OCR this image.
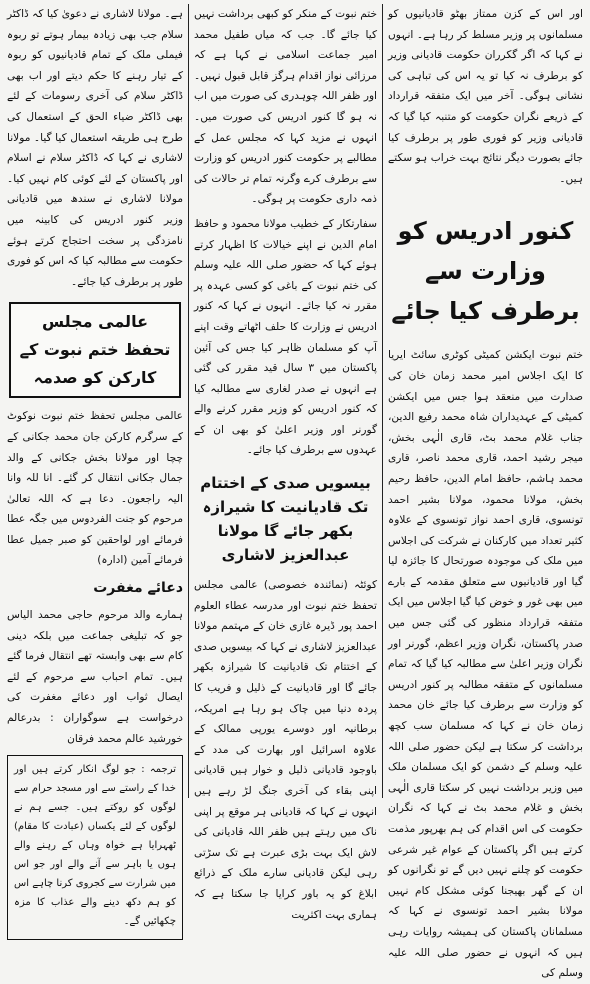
اور اس کے کزن ممتاز بھٹو قادیانیوں کو مسلمانوں پر وزیر مسلط کر رہا ہے۔ انہوں نے کہا کہ اگر گکرران حکومت قادیانی وزیر کو برطرف نہ کیا تو یہ اس کی تباہی کی نشانی ہوگی۔ آخر میں ایک متفقہ قرارداد کے ذریعے نگران حکومت کو متنبہ کیا گیا کہ قادیانی وزیر کو فوری طور پر برطرف کیا جائے بصورت دیگر نتائج بہت خراب ہو سکتے ہیں۔

کنور ادریس کو وزارت سے برطرف کیا جائے

ختم نبوت ایکشن کمیٹی کوٹری سائٹ ایریا کا ایک اجلاس امیر محمد زمان خان کی صدارت میں منعقد ہوا جس میں ایکشن کمیٹی کے عہدیداران شاہ محمد رفیع الدین، جناب غلام محمد بٹ، قاری الٰہی بخش، میجر رشید احمد، قاری محمد ناصر، قاری محمد ہاشم، حافظ امام الدین، حافظ رحیم بخش، مولانا محمود، مولانا بشیر احمد تونسوی، قاری احمد نواز تونسوی کے علاوہ کثیر تعداد میں کارکنان نے شرکت کی اجلاس میں ملک کی موجودہ صورتحال کا جائزہ لیا گیا اور قادیانیوں سے متعلق مقدمہ کے بارے میں بھی غور و خوض کیا گیا اجلاس میں ایک متفقہ قرارداد منظور کی گئی جس میں صدر پاکستان، نگران وزیر اعظم، گورنر اور نگران وزیر اعلیٰ سے مطالبہ کیا گیا کہ تمام مسلمانوں کے متفقہ مطالبہ پر کنور ادریس کو وزارت سے برطرف کیا جائے خان محمد زمان خان نے کہا کہ مسلمان سب کچھ برداشت کر سکتا ہے لیکن حضور صلی اللہ علیہ وسلم کے دشمن کو ایک مسلمان ملک میں وزیر برداشت نہیں کر سکتا قاری الٰہی بخش و غلام محمد بٹ نے کہا کہ نگران حکومت کی اس اقدام کی ہم بھرپور مذمت کرتے ہیں اگر پاکستان کے عوام غیر شرعی حکومت کو چلنے نہیں دیں گے تو نگرانوں کو ان کے گھر بھیجنا کوئی مشکل کام نہیں مولانا بشیر احمد تونسوی نے کہا کہ مسلمانان پاکستان کی ہمیشہ روایات رہی ہیں کہ انہوں نے حضور صلی اللہ علیہ وسلم کی

ختم نبوت کے منکر کو کبھی برداشت نہیں کیا جائے گا۔ جب کہ میاں طفیل محمد امیر جماعت اسلامی نے کہا ہے کہ مرزائی نواز اقدام ہرگز قابل قبول نہیں۔ اور ظفر اللہ چوہدری کی صورت میں اب نہ ہو گا کنور ادریس کی صورت میں۔ انہوں نے مزید کہا کہ مجلس عمل کے مطالبے پر حکومت کنور ادریس کو وزارت سے برطرف کرے وگرنہ تمام تر حالات کی ذمہ داری حکومت پر ہوگی۔

سفارتکار کے خطیب مولانا محمود و حافظ امام الدین نے اپنے خیالات کا اظہار کرتے ہوئے کہا کہ حضور صلی اللہ علیہ وسلم کی ختم نبوت کے باغی کو کسی عہدہ پر مقرر نہ کیا جائے۔ انہوں نے کہا کہ کنور ادریس نے وزارت کا حلف اٹھاتے وقت اپنے آپ کو مسلمان ظاہر کیا جس کی آئین پاکستان میں ۳ سال قید مقرر کی گئی ہے انہوں نے صدر لغاری سے مطالبہ کیا کہ کنور ادریس کو وزیر مقرر کرنے والے گورنر اور وزیر اعلیٰ کو بھی ان کے عہدوں سے برطرف کیا جائے۔

بیسویں صدی کے اختتام تک قادیانیت کا شیرازہ بکھر جائے گا مولانا عبدالعزیز لاشاری

کوئٹہ (نمائندہ خصوصی) عالمی مجلس تحفظ ختم نبوت اور مدرسہ عطاء العلوم احمد پور ڈیرہ غازی خان کے مہتمم مولانا عبدالعزیز لاشاری نے کہا کہ بیسویں صدی کے اختتام تک قادیانیت کا شیرازہ بکھر جائے گا اور قادیانیت کے ذلیل و فریب کا پردہ دنیا میں چاک ہو رہا ہے امریکہ، برطانیہ اور دوسرے یورپی ممالک کے علاوہ اسرائیل اور بھارت کی مدد کے باوجود قادیانی ذلیل و خوار ہیں قادیانی اپنی بقاء کی آخری جنگ لڑ رہے ہیں انہوں نے کہا کہ قادیانی ہر موقع پر اپنی ناک میں رہتے ہیں ظفر اللہ قادیانی کی لاش ایک بہت بڑی عبرت ہے تک سڑتی رہی لیکن قادیانی سارے ملک کے ذرائع ابلاغ کو یہ باور کرایا جا سکتا ہے کہ ہماری بہت اکثریت

ہے۔ مولانا لاشاری نے دعویٰ کیا کہ ڈاکٹر سلام جب بھی زیادہ بیمار ہوتے تو ربوہ فیملی ملک کے تمام قادیانیوں کو ربوہ کے تیار رہنے کا حکم دیتے اور اب بھی ڈاکٹر سلام کی آخری رسومات کے لئے بھی ڈاکٹر ضیاء الحق کے استعمال کی طرح ہی طریقہ استعمال کیا گیا۔ مولانا لاشاری نے کہا کہ ڈاکٹر سلام نے اسلام اور پاکستان کے لئے کوئی کام نہیں کیا۔ مولانا لاشاری نے سندھ میں قادیانی وزیر کنور ادریس کی کابینہ میں نامزدگی پر سخت احتجاج کرتے ہوئے حکومت سے مطالبہ کیا کہ اس کو فوری طور پر برطرف کیا جائے۔

عالمی مجلس تحفظ ختم نبوت کے
کارکن کو صدمہ

عالمی مجلس تحفظ ختم نبوت نوکوٹ کے سرگرم کارکن جان محمد جکانی کے چچا اور مولانا بخش جکانی کے والد جمال جکانی انتقال کر گئے۔ انا للہ وانا الیہ راجعون۔ دعا ہے کہ اللہ تعالیٰ مرحوم کو جنت الفردوس میں جگہ عطا فرمائے اور لواحقین کو صبر جمیل عطا فرمائے آمین (ادارہ)

دعائے مغفرت

ہمارے والد مرحوم حاجی محمد الیاس جو کہ تبلیغی جماعت میں بلکہ دینی کام سے بھی وابستہ تھے انتقال فرما گئے ہیں۔ تمام احباب سے مرحوم کے لئے ایصال ثواب اور دعائے مغفرت کی درخواست ہے سوگواران : بدرعالم خورشید عالم محمد فرقان

ترجمہ : جو لوگ انکار کرتے ہیں اور خدا کے راستے سے اور مسجد حرام سے لوگوں کو روکتے ہیں۔ جسے ہم نے لوگوں کے لئے یکساں (عبادت کا مقام) ٹھہرایا ہے خواہ وہاں کے رہنے والے ہوں یا باہر سے آنے والے اور جو اس میں شرارت سے کجروی کرنا چاہے اس کو ہم دکھ دینے والے عذاب کا مزہ چکھائیں گے۔
